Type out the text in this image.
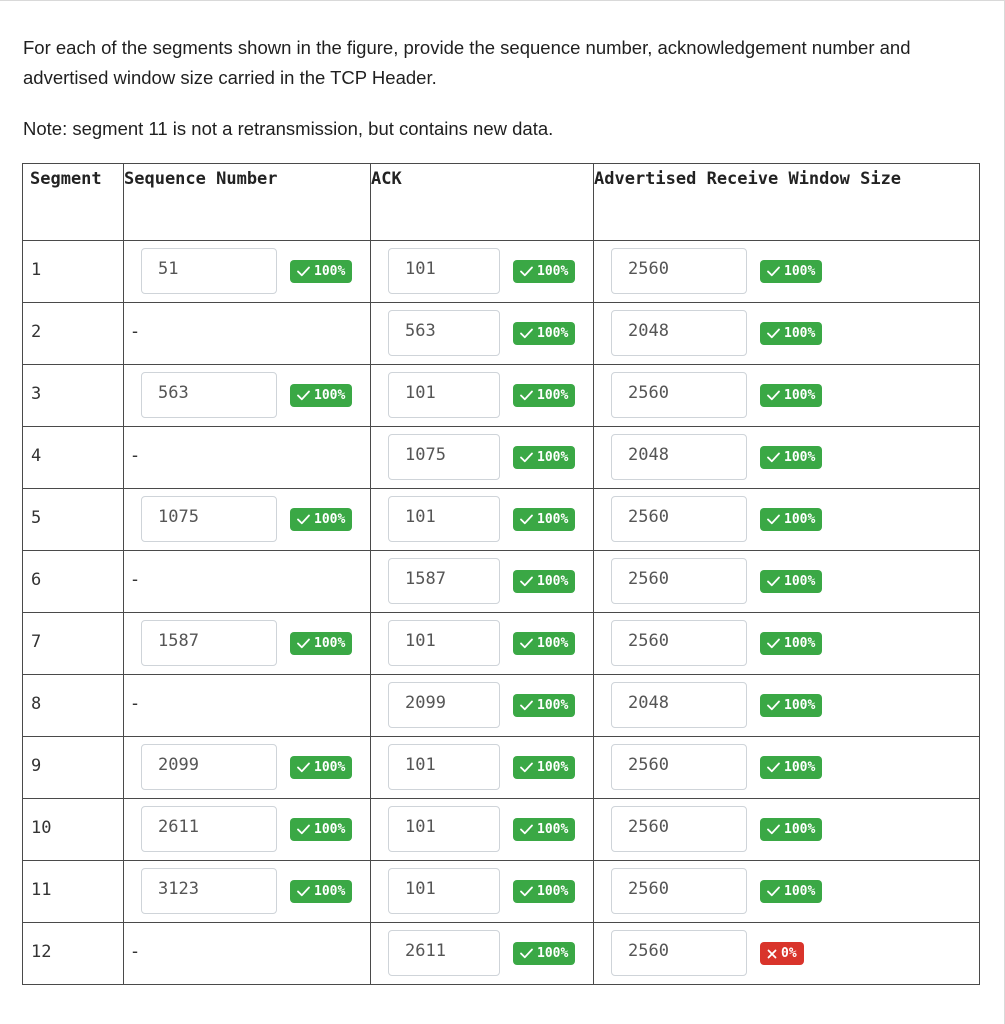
For each of the segments shown in the figure, provide the sequence number, acknowledgement number and advertised window size carried in the TCP Header.
Note: segment 11 is not a retransmission, but contains new data.
Segment	Sequence Number	ACK	Advertised Receive Window Size

1	51 100%	101 100%	2560 100%

2	-	563 100%	2048 100%

3	563 100%	101 100%	2560 100%

4	-	1075 100%	2048 100%

5	1075 100%	101 100%	2560 100%

6	-	1587 100%	2560 100%

7	1587 100%	101 100%	2560 100%

8	-	2099 100%	2048 100%

9	2099 100%	101 100%	2560 100%

10	2611 100%	101 100%	2560 100%

11	3123 100%	101 100%	2560 100%

12	-	2611 100%	2560 0%
